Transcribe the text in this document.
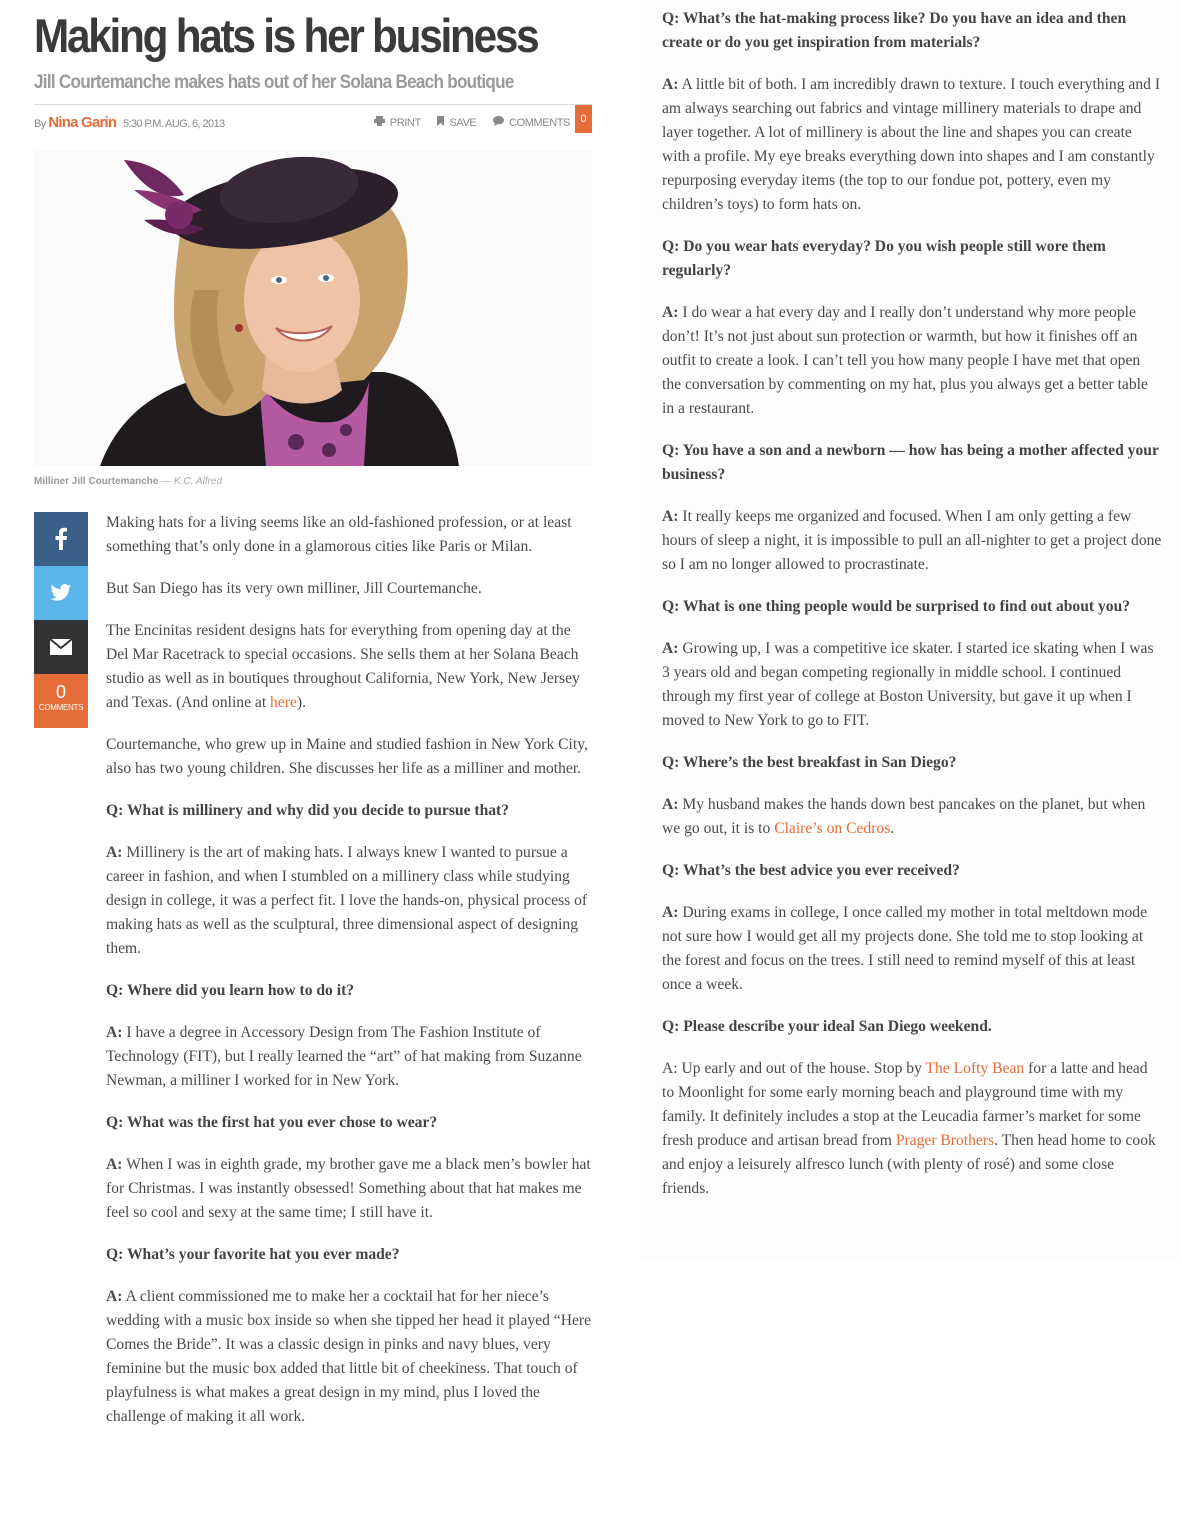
Making hats is her business
Jill Courtemanche makes hats out of her Solana Beach boutique
By Nina Garin 5:30 P.M. AUG. 6, 2013	PRINT	SAVE	COMMENTS 0
Milliner Jill Courtemanche — K.C. Alfred
0
COMMENTS

Making hats for a living seems like an old-fashioned profession, or at least something that’s only done in a glamorous cities like Paris or Milan.

But San Diego has its very own milliner, Jill Courtemanche.

The Encinitas resident designs hats for everything from opening day at the Del Mar Racetrack to special occasions. She sells them at her Solana Beach studio as well as in boutiques throughout California, New York, New Jersey and Texas. (And online at here).

Courtemanche, who grew up in Maine and studied fashion in New York City, also has two young children. She discusses her life as a milliner and mother.

Q: What is millinery and why did you decide to pursue that?

A: Millinery is the art of making hats. I always knew I wanted to pursue a career in fashion, and when I stumbled on a millinery class while studying design in college, it was a perfect fit. I love the hands-on, physical process of making hats as well as the sculptural, three dimensional aspect of designing them.

Q: Where did you learn how to do it?

A: I have a degree in Accessory Design from The Fashion Institute of Technology (FIT), but I really learned the “art” of hat making from Suzanne Newman, a milliner I worked for in New York.

Q: What was the first hat you ever chose to wear?

A: When I was in eighth grade, my brother gave me a black men’s bowler hat for Christmas. I was instantly obsessed! Something about that hat makes me feel so cool and sexy at the same time; I still have it.

Q: What’s your favorite hat you ever made?

A: A client commissioned me to make her a cocktail hat for her niece’s wedding with a music box inside so when she tipped her head it played “Here Comes the Bride”. It was a classic design in pinks and navy blues, very feminine but the music box added that little bit of cheekiness. That touch of playfulness is what makes a great design in my mind, plus I loved the challenge of making it all work.

Q: What’s the hat-making process like? Do you have an idea and then create or do you get inspiration from materials?

A: A little bit of both. I am incredibly drawn to texture. I touch everything and I am always searching out fabrics and vintage millinery materials to drape and layer together. A lot of millinery is about the line and shapes you can create with a profile. My eye breaks everything down into shapes and I am constantly repurposing everyday items (the top to our fondue pot, pottery, even my children’s toys) to form hats on.

Q: Do you wear hats everyday? Do you wish people still wore them regularly?

A: I do wear a hat every day and I really don’t understand why more people don’t! It’s not just about sun protection or warmth, but how it finishes off an outfit to create a look. I can’t tell you how many people I have met that open the conversation by commenting on my hat, plus you always get a better table in a restaurant.

Q: You have a son and a newborn — how has being a mother affected your business?

A: It really keeps me organized and focused. When I am only getting a few hours of sleep a night, it is impossible to pull an all-nighter to get a project done so I am no longer allowed to procrastinate.

Q: What is one thing people would be surprised to find out about you?

A: Growing up, I was a competitive ice skater. I started ice skating when I was 3 years old and began competing regionally in middle school. I continued through my first year of college at Boston University, but gave it up when I moved to New York to go to FIT.

Q: Where’s the best breakfast in San Diego?

A: My husband makes the hands down best pancakes on the planet, but when we go out, it is to Claire’s on Cedros.

Q: What’s the best advice you ever received?

A: During exams in college, I once called my mother in total meltdown mode not sure how I would get all my projects done. She told me to stop looking at the forest and focus on the trees. I still need to remind myself of this at least once a week.

Q: Please describe your ideal San Diego weekend.

A: Up early and out of the house. Stop by The Lofty Bean for a latte and head to Moonlight for some early morning beach and playground time with my family. It definitely includes a stop at the Leucadia farmer’s market for some fresh produce and artisan bread from Prager Brothers. Then head home to cook and enjoy a leisurely alfresco lunch (with plenty of rosé) and some close friends.
